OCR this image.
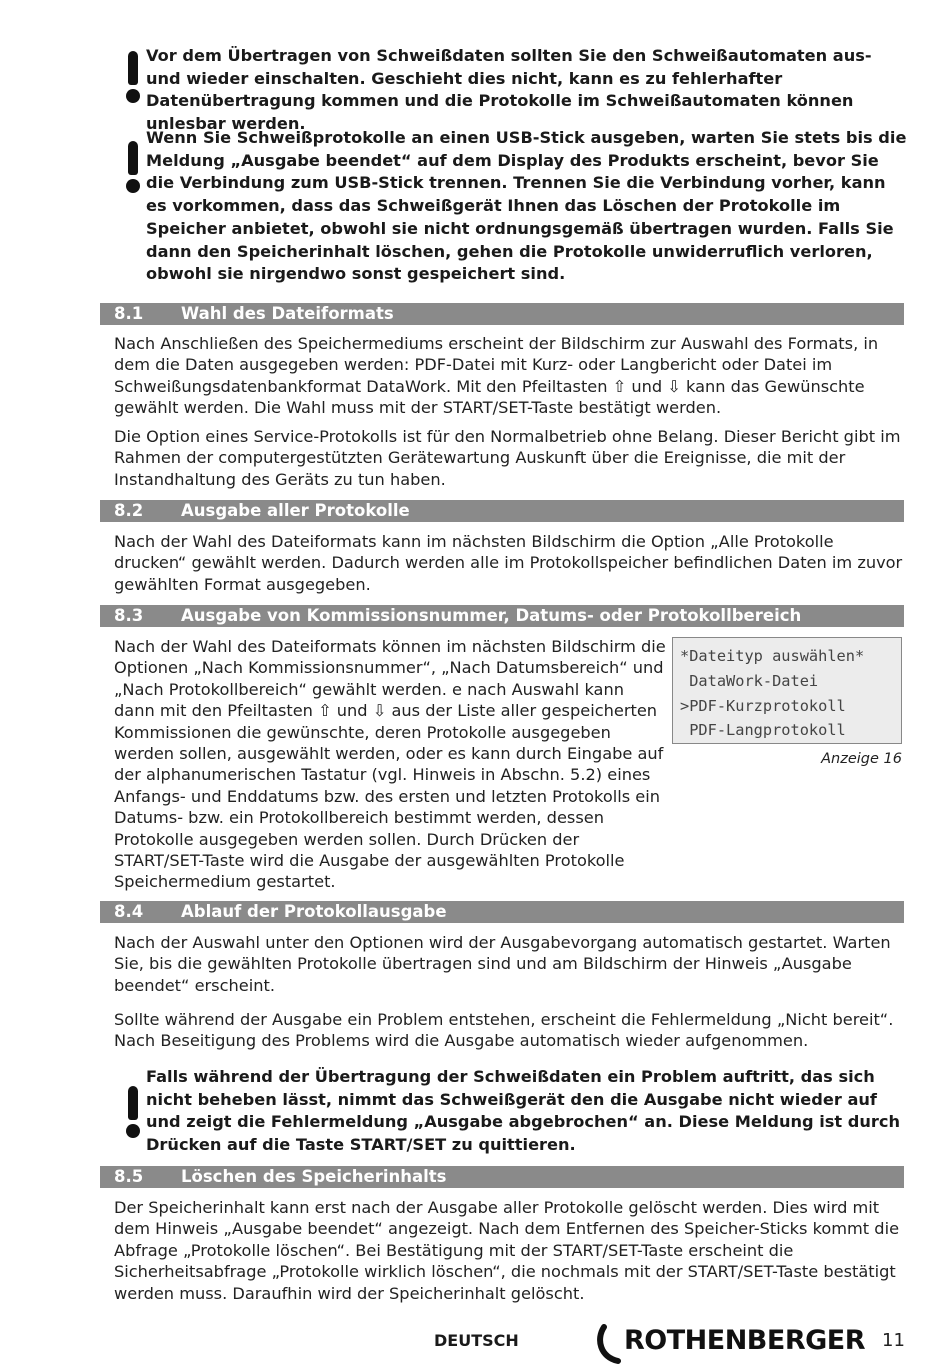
Vor dem Übertragen von Schweißdaten sollten Sie den Schweißautomaten aus- und wieder einschalten. Geschieht dies nicht, kann es zu fehlerhafter Datenübertragung kommen und die Protokolle im Schweißautomaten können unlesbar werden.

Wenn Sie Schweißprotokolle an einen USB-Stick ausgeben, warten Sie stets bis die Meldung „Ausgabe beendet“ auf dem Display des Produkts erscheint, bevor Sie die Verbindung zum USB-Stick trennen. Trennen Sie die Verbindung vorher, kann es vorkommen, dass das Schweißgerät Ihnen das Löschen der Protokolle im Speicher anbietet, obwohl sie nicht ordnungsgemäß übertragen wurden. Falls Sie dann den Speicherinhalt löschen, gehen die Protokolle unwiderruflich verloren, obwohl sie nirgendwo sonst gespeichert sind.

8.1 Wahl des Dateiformats

Nach Anschließen des Speichermediums erscheint der Bildschirm zur Auswahl des Formats, in dem die Daten ausgegeben werden: PDF-Datei mit Kurz- oder Langbericht oder Datei im Schweißungsdatenbankformat DataWork. Mit den Pfeiltasten ⇧ und ⇩ kann das Gewünschte gewählt werden. Die Wahl muss mit der START/SET-Taste bestätigt werden.

Die Option eines Service-Protokolls ist für den Normalbetrieb ohne Belang. Dieser Bericht gibt im Rahmen der computergestützten Gerätewartung Auskunft über die Ereignisse, die mit der Instandhaltung des Geräts zu tun haben.

8.2 Ausgabe aller Protokolle

Nach der Wahl des Dateiformats kann im nächsten Bildschirm die Option „Alle Protokolle drucken“ gewählt werden. Dadurch werden alle im Protokollspeicher befindlichen Daten im zuvor gewählten Format ausgegeben.

8.3 Ausgabe von Kommissionsnummer, Datums- oder Protokollbereich

Nach der Wahl des Dateiformats können im nächsten Bildschirm die Optionen „Nach Kommissionsnummer“, „Nach Datumsbereich“ und „Nach Protokollbereich“ gewählt werden. e nach Auswahl kann dann mit den Pfeiltasten ⇧ und ⇩ aus der Liste aller gespeicherten Kommissionen die gewünschte, deren Protokolle ausgegeben werden sollen, ausgewählt werden, oder es kann durch Eingabe auf der alphanumerischen Tastatur (vgl. Hinweis in Abschn. 5.2) eines Anfangs- und Enddatums bzw. des ersten und letzten Protokolls ein Datums- bzw. ein Protokollbereich bestimmt werden, dessen Protokolle ausgegeben werden sollen. Durch Drücken der START/SET-Taste wird die Ausgabe der ausgewählten Protokolle Speichermedium gestartet.

*Dateityp auswählen*
DataWork-Datei
>PDF-Kurzprotokoll
PDF-Langprotokoll
Anzeige 16
8.4 Ablauf der Protokollausgabe

Nach der Auswahl unter den Optionen wird der Ausgabevorgang automatisch gestartet. Warten Sie, bis die gewählten Protokolle übertragen sind und am Bildschirm der Hinweis „Ausgabe beendet“ erscheint.

Sollte während der Ausgabe ein Problem entstehen, erscheint die Fehlermeldung „Nicht bereit“. Nach Beseitigung des Problems wird die Ausgabe automatisch wieder aufgenommen.

Falls während der Übertragung der Schweißdaten ein Problem auftritt, das sich nicht beheben lässt, nimmt das Schweißgerät den die Ausgabe nicht wieder auf und zeigt die Fehlermeldung „Ausgabe abgebrochen“ an. Diese Meldung ist durch Drücken auf die Taste START/SET zu quittieren.

8.5 Löschen des Speicherinhalts

Der Speicherinhalt kann erst nach der Ausgabe aller Protokolle gelöscht werden. Dies wird mit dem Hinweis „Ausgabe beendet“ angezeigt. Nach dem Entfernen des Speicher-Sticks kommt die Abfrage „Protokolle löschen“. Bei Bestätigung mit der START/SET-Taste erscheint die Sicherheitsabfrage „Protokolle wirklich löschen“, die nochmals mit der START/SET-Taste bestätigt werden muss. Daraufhin wird der Speicherinhalt gelöscht.

DEUTSCH	ROTHENBERGER 11
